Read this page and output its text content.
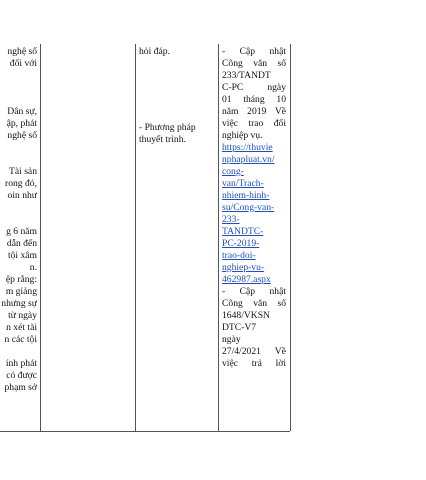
nghệ số
đối với
Dân sự,
ập, phát
nghệ số
Tài sản
rong đó,
oin như
g 6 năm
dẫn đến
tội xâm
n.
ệp rằng:
m giảng
nhưng sự
từ ngày
n xét tài
n các tội
ính phát
có được
phạm sở
hỏi đáp.
- Phương pháp
thuyết trình.
- Cập nhật
Công văn số
233/TANDT
C-PC ngày
01 tháng 10
năm 2019 Về
việc trao đổi
nghiệp vụ.
https://thuvie
nphapluat.vn/
cong-
van/Trach-
nhiem-hinh-
su/Cong-van-
233-
TANDTC-
PC-2019-
trao-doi-
nghiep-vu-
462987.aspx
- Cập nhật
Công văn số
1648/VKSN
DTC-V7
ngày
27/4/2021 Về
việc trả lời
